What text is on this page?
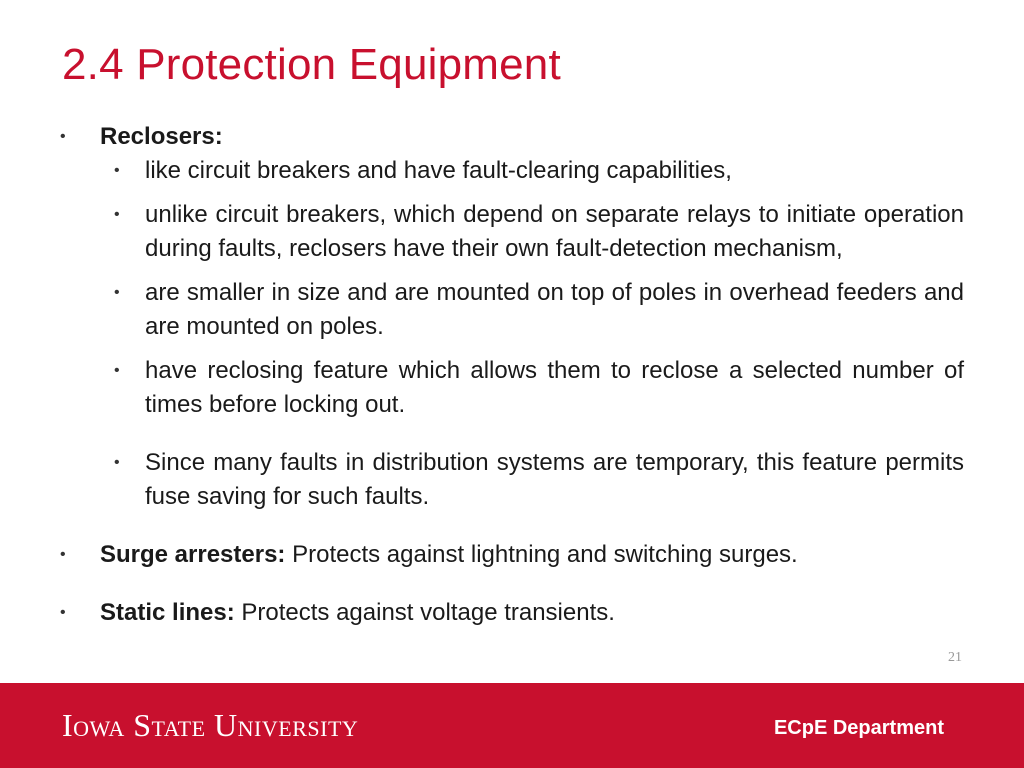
2.4 Protection Equipment
• Reclosers:
• like circuit breakers and have fault-clearing capabilities,
• unlike circuit breakers, which depend on separate relays to initiate operation during faults, reclosers have their own fault-detection mechanism,
• are smaller in size and are mounted on top of poles in overhead feeders and are mounted on poles.
• have reclosing feature which allows them to reclose a selected number of times before locking out.
• Since many faults in distribution systems are temporary, this feature permits fuse saving for such faults.
• Surge arresters: Protects against lightning and switching surges.
• Static lines: Protects against voltage transients.
21
Iowa State University	ECpE Department
